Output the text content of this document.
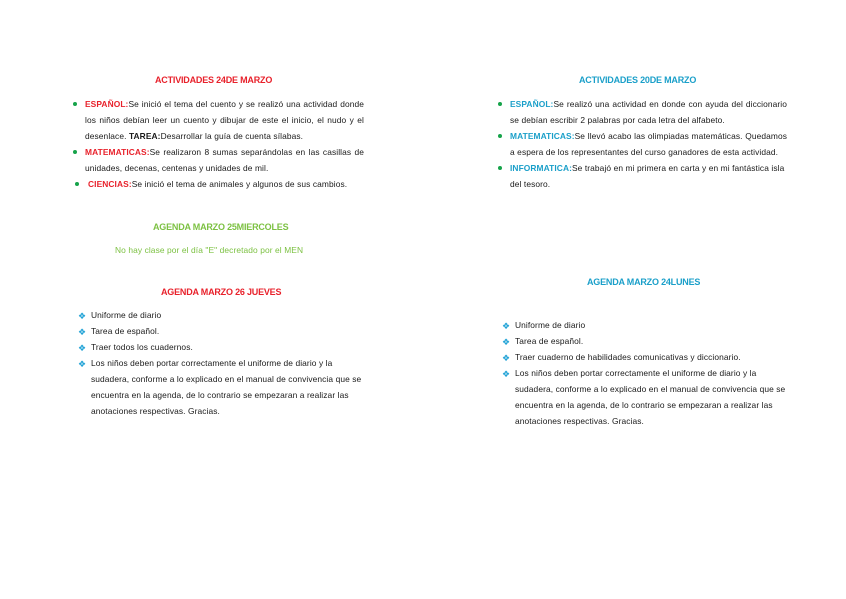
ACTIVIDADES 24DE MARZO
ESPAÑOL:Se inició el tema del cuento y se realizó una actividad donde los niños debían leer un cuento y dibujar de este el inicio, el nudo y el desenlace. TAREA:Desarrollar la guía de cuenta sílabas.
MATEMATICAS:Se realizaron 8 sumas separándolas en las casillas de unidades, decenas, centenas y unidades de mil.
CIENCIAS:Se inició el tema de animales y algunos de sus cambios.
AGENDA MARZO 25MIERCOLES
No hay clase por el día "E" decretado por el MEN
AGENDA MARZO 26 JUEVES
❖ Uniforme de diario
❖ Tarea de español.
❖ Traer todos los cuadernos.
❖ Los niños deben portar correctamente el uniforme de diario y la sudadera, conforme a lo explicado en el manual de convivencia que se encuentra en la agenda, de lo contrario se empezaran a realizar las anotaciones respectivas. Gracias.
ACTIVIDADES 20DE MARZO
ESPAÑOL:Se realizó una actividad en donde con ayuda del diccionario se debían escribir 2 palabras por cada letra del alfabeto.
MATEMATICAS:Se llevó acabo las olimpiadas matemáticas. Quedamos a espera de los representantes del curso ganadores de esta actividad.
INFORMATICA:Se trabajó en mi primera en carta y en mi fantástica isla del tesoro.
AGENDA MARZO 24LUNES
❖ Uniforme de diario
❖ Tarea de español.
❖ Traer cuaderno de habilidades comunicativas y diccionario.
❖ Los niños deben portar correctamente el uniforme de diario y la sudadera, conforme a lo explicado en el manual de convivencia que se encuentra en la agenda, de lo contrario se empezaran a realizar las anotaciones respectivas. Gracias.
